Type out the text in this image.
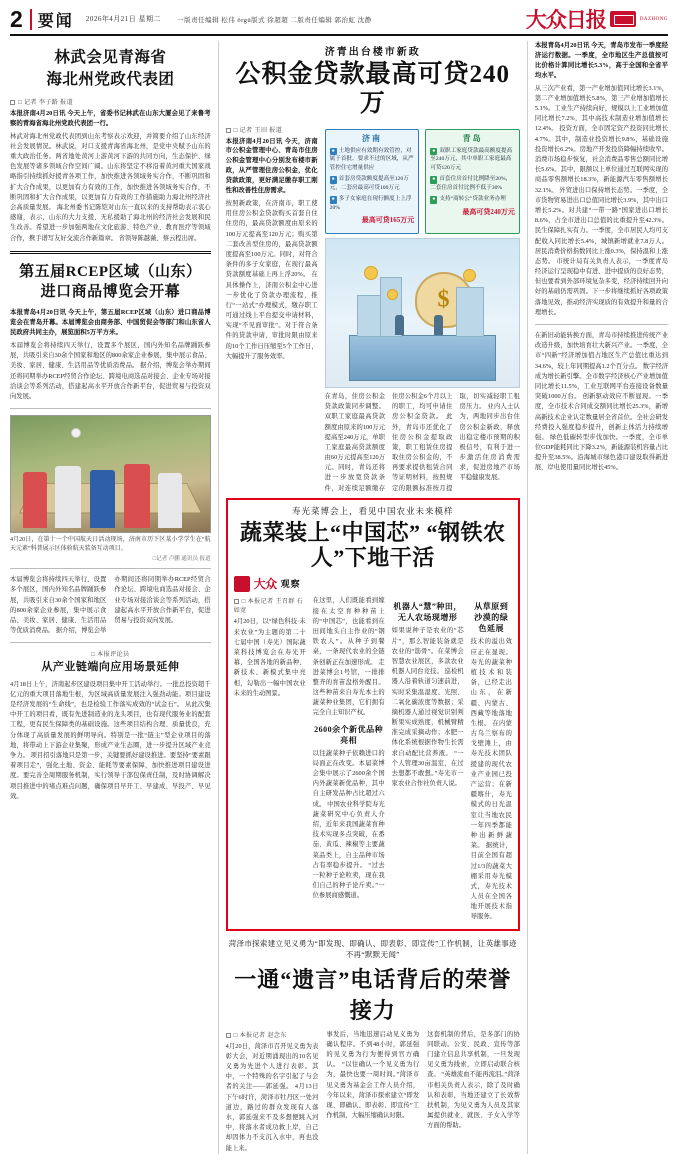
2 要闻 2026年4月21日 星期二 一版责任编辑 松伟 örgü版式 徐超超 二版责任编辑 郭治虹 沈静	大众日报	DAZHONG
林武会见青海省
海北州党政代表团
□ 记者 李子路 报道
本报济南4月20日讯 今天上午，省委书记林武在山东大厦会见了来鲁考察的青海省海北州党政代表团一行。
林武对海北州党政代表团到山东考察表示欢迎，并简要介绍了山东经济社会发展情况。林武说，对口支援青海省海北州，是党中央赋予山东的重大政治任务。两省地处黄河上游黄河下游的共同方向，生态保护、绿色发展等诸多领域合作空间广阔。山东将坚定不移沿着黄河重大国家战略指引持续抓好援青各项工作，加快推进各领域务实合作，不断巩固和扩大合作成果，以更加有力有效的工作，加快推进各领域务实合作，不断巩固和扩大合作成果，以更加有力有效的工作措施助力海北州经济社会高质量发展。 海北州委书记陈铠对山东一直以来的支持帮助表示衷心感谢，表示，山东的大力支援、无私援助了海北州的经济社会发展和民生改善。希望进一步加强两地在文化旅游、特色产业、教育医疗等领域合作，携手谱写友好交流合作新篇章。 省领导陈越薇、蔡云程出席。
第五届RCEP区域（山东）
进口商品博览会开幕
本报青岛4月20日讯 今天上午，第五届RCEP区域（山东）进口商品博览会在青岛开幕。本届博览会由商务部、中国贸促会等部门和山东省人民政府共同主办，展览面积5万平方米。
本届博览会将持续四天举行，设置多个展区，国内外知名品牌踊跃参展，共吸引来自30余个国家和地区的800余家企业参展，集中展示食品、美妆、家居、健康、生活用品等优质消费品。 据介绍，博览会举办期间还将同期举办RCEP经贸合作论坛、跨境电商选品对接会、企业专场对接洽谈会等系列活动，搭建起高水平开放合作新平台，促进贸易与投资双向发展。
4月20日，在第十一个中国航天日活动现场，济南市历下区某小学学生在“航天元素”科普展示区体验航天装备互动项目。
□记者 卢鹏 通讯员 报道
本届博览会将持续四天举行，设置多个展区，国内外知名品牌踊跃参展，共吸引来自30余个国家和地区的800余家企业参展，集中展示食品、美妆、家居、健康、生活用品等优质消费品。 据介绍，博览会举办期间还将同期举办RCEP经贸合作论坛、跨境电商选品对接会、企业专场对接洽谈会等系列活动，搭建起高水平开放合作新平台，促进贸易与投资双向发展。
□ 本报评论员
从产业链端向应用场景延伸
4月18日上午，济南起步区建设项目集中开工活动举行。一批总投资超千亿元的重大项目落地生根，为区域高质量发展注入强劲动能。项目建设是经济发展的“生命线”，也是检验工作落实成效的“试金石”。 从此次集中开工的项目看，既有先进制造业的龙头项目，也有现代服务业的配套工程，更有民生保障类的基础设施。这些项目结构合理、质量优良，充分体现了高质量发展的鲜明导向。特别是一批“链主”型企业项目的落地，将带动上下游企业集聚，形成产业生态圈，进一步提升区域产业竞争力。 项目招引落地只是第一步，关键要抓好建设推进。要坚持“要素跟着项目走”，强化土地、资金、能耗等要素保障，加快推进项目建设进度。要完善全周期服务机制，实行领导干部包保责任制，及时协调解决项目推进中的堵点难点问题，确保项目早开工、早建成、早投产、早见效。
济青出台楼市新政
公积金贷款最高可贷240万
□ 记者 王田 报道
本报济南4月20日讯 今天，济南市公积金管理中心、青岛市住房公积金管理中心分别发布楼市新政，从严管理住房公积金，优化贷款政策，更好满足缴存职工刚性和改善性住房需求。
按照新政策，在济南市，职工使用住房公积金贷款购买首套自住住房的，最高贷款额度由原来的100万元提高至120万元；购买第二套改善型住房的，最高贷款额度提高至100万元。同时，对符合条件的多子女家庭，在现行最高贷款额度基础上再上浮20%。 在具体操作上，济南公积金中心进一步优化了贷款办理流程，推行“一站式”办理模式，缴存职工可通过线上平台提交申请材料，实现“不见面审批”。对于符合条件的贷款申请，审批时限由原来的10个工作日压缩至5个工作日，大幅提升了服务效率。
济南
● 土地供应有效期有效管控，对属于首批、要求不过的区域，从严管控住宅增量供应
● 首套房贷款额度提高至120万元，二套房最高可贷100万元
● 多子女家庭在现行额度上上浮20%
最高可贷165万元
青岛
● 双职工家庭贷款最高额度提高至240万元，其中单职工家庭最高可贷120万元
● 首套住房首付比例降至20%，二套住房首付比例不低于30%
● 支持“商转公”贷款业务办理
最高可贷240万元
$
在青岛，住房公积金贷款政策同步调整。双职工家庭最高贷款额度由原来的100万元提高至240万元，单职工家庭最高贷款额度由60万元提高至120万元。同时，青岛还将进一步放宽贷款条件，对连续足额缴存住房公积金6个月以上的职工，均可申请住房公积金贷款。 此外，青岛市还优化了住房公积金提取政策，职工租赁住房提取住房公积金的，不再要求提供租赁合同等证明材料，按照规定的限额标准按月提取，切实减轻职工租房压力。 业内人士认为，两地同步出台住房公积金新政，释放出稳定楼市预期的积极信号，有利于进一步激活住房消费需求，促进房地产市场平稳健康发展。
寿光菜博会上，看见中国农业未来模样
蔬菜装上“中国芯” “钢铁农人”下地干活
大众 观察
□ 本报记者 王召群 石如宽
4月20日，以“绿色科技·未来农业”为主题的第二十七届中国（寿光）国际蔬菜科技博览会在寿光开幕，全国各地的新品种、新技术、新模式集中亮相，勾勒出一幅中国农业未来的生动图景。
在这里，人们既能看到嫁接在太空育种种苗上的“中国芯”，也能看到在田间地头自主作业的“钢铁农人”。从种子到餐桌，一条现代农业的全链条创新正在加速形成。 走进菜博会1号馆，一排排整齐的育苗盘格外醒目。这些种苗来自寿光本土的蔬菜种业集团，它们拥有完全自主知识产权。
2600余个新优品种亮相
以往蔬菜种子依赖进口的局面正在改变。本届菜博会集中展示了2600余个国内外蔬菜新优品种，其中自主研发品种占比超过六成。 中国农业科学院寿光蔬菜研究中心负责人介绍，近年来我国蔬菜育种技术实现多点突破，在番茄、黄瓜、辣椒等主要蔬菜品类上，自主品种市场占有率稳步提升。 “过去一粒种子论粒卖，现在我们自己的种子论斤卖。”一位参展商感慨道。
机器人“慧”种田，无人农场现增形
如果说种子是农业的“芯片”，那么智能装备就是农业的“筋骨”。在菜博会智慧农业展区，多款农业机器人同台竞技。 巡检机器人沿着轨道匀速前进，实时采集温湿度、光照、二氧化碳浓度等数据；采摘机器人通过视觉识别判断果实成熟度，机械臂精准完成采摘动作；水肥一体化系统根据作物生长需求自动配比营养液。 “一个人管理30亩温室，在过去想都不敢想。”寿光市一家农业合作社负责人说。
从草原到沙漠的绿色延展
技术的溢出效应正在显现。寿光的蔬菜种植技术和装备，已经走出山东，在新疆、内蒙古、西藏等地落地生根。 在内蒙古乌兰察布的戈壁滩上，由寿光技术团队援建的现代农业产业园已投产运营；在新疆喀什，寿光模式的日光温室让当地农民一年四季都能种出新鲜蔬菜。 据统计，目前全国有超过1/3的蔬菜大棚采用寿光模式，寿光技术人员在全国各地开展技术指导服务。
菏泽市探索建立见义勇为“即发现、即确认、即表彰、即宣传”工作机制，让英雄事迹不再“默默无闻”
一通“遗言”电话背后的荣誉接力
□ 本报记者 赵念东
4月20日，菏泽市召开见义勇为表彰大会，对近期涌现出的10名见义勇为先进个人进行表彰。其中，一个特殊的名字引起了与会者的关注——郭延强。 4月13日下午6时许，菏泽市牡丹区一处河道边，路过的群众发现有人落水，郭延强来不及多想便跳入河中，将落水者成功救上岸，自己却因体力不支沉入水中，再也没能上来。
事发后，当地迅速启动见义勇为确认程序。不到48小时，郭延强的见义勇为行为便得到官方确认。 “以往确认一个见义勇为行为，最快也要一周时间。”菏泽市见义勇为基金会工作人员介绍，今年以来，菏泽市探索建立“即发现、即确认、即表彰、即宣传”工作机制，大幅压缩确认时限。
这套机制的背后，是多部门的协同联动。公安、民政、宣传等部门建立信息共享机制，一旦发现见义勇为线索，立即启动联合核查。 “英雄流血不能再流泪。”菏泽市相关负责人表示，除了及时确认和表彰，当地还建立了长效帮扶机制，为见义勇为人员及其家属提供就业、就医、子女入学等方面的帮助。
本报青岛4月20日讯 今天，青岛市发布一季度经济运行数据。一季度，全市地区生产总值按可比价格计算同比增长5.3%，高于全国和全省平均水平。
从三次产业看，第一产业增加值同比增长3.1%，第二产业增加值增长5.8%，第三产业增加值增长5.1%。工业生产持续向好，规模以上工业增加值同比增长7.2%，其中高技术制造业增加值增长12.4%。 投资方面，全市固定资产投资同比增长4.7%。其中，制造业投资增长9.8%，基础设施投资增长6.2%。房地产开发投资降幅持续收窄。 消费市场稳步恢复，社会消费品零售总额同比增长5.6%。其中，限额以上单位通过互联网实现的商品零售额增长18.3%，新能源汽车零售额增长32.1%。 外贸进出口保持增长态势。一季度，全市货物贸易进出口总值同比增长3.9%，其中出口增长5.2%。对共建“一带一路”国家进出口增长8.6%，占全市进出口总值的比重提升至42.3%。 民生保障扎实有力。一季度，全市居民人均可支配收入同比增长5.4%，城镇新增就业7.8万人。居民消费价格指数同比上涨0.3%，保持温和上涨态势。 市统计局有关负责人表示，一季度青岛经济运行呈现稳中有进、进中提质的良好态势，但也要看到外部环境复杂多变，经济持续回升向好的基础仍需巩固。下一步将继续抓好各项政策落地见效，推动经济实现质的有效提升和量的合理增长。
在新旧动能转换方面，青岛市持续推进传统产业改造升级，加快培育壮大新兴产业。一季度，全市“四新”经济增加值占地区生产总值比重达到34.6%，较上年同期提高1.2个百分点。 数字经济成为增长新引擎。全市数字经济核心产业增加值同比增长11.5%，工业互联网平台连接设备数量突破1000万台。 创新驱动效应不断显现。一季度，全市技术合同成交额同比增长25.3%，新增高新技术企业认定数量居全省首位。全社会研发经费投入强度稳步提升，创新主体活力持续增强。 绿色低碳转型步伐加快。一季度，全市单位GDP能耗同比下降3.2%，新能源装机容量占比提升至38.5%。沿海城市绿色港口建设取得新进展，岸电使用量同比增长45%。
